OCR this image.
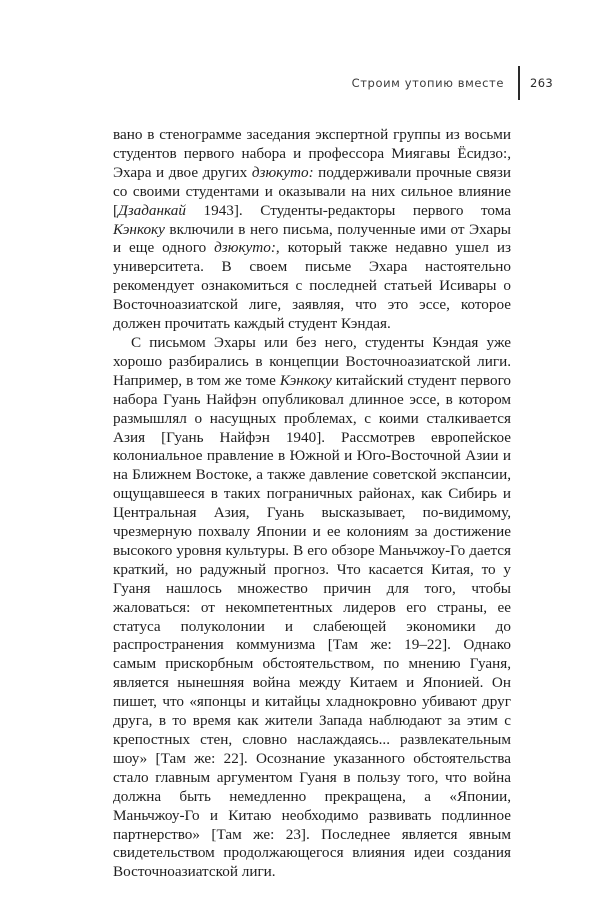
Строим утопию вместе 263

вано в стенограмме заседания экспертной группы из восьми студентов первого набора и профессора Миягавы Ёсидзо:, Эхара и двое других дзюкуто: поддерживали прочные связи со своими студентами и оказывали на них сильное влияние [Дзаданкай 1943]. Студенты-редакторы первого тома Кэнкоку включили в него письма, полученные ими от Эхары и еще одного дзюкуто:, который также недавно ушел из университета. В своем письме Эхара настоятельно рекомендует ознакомиться с последней статьей Исивары о Восточноазиатской лиге, заявляя, что это эссе, которое должен прочитать каждый студент Кэндая.

С письмом Эхары или без него, студенты Кэндая уже хорошо разбирались в концепции Восточноазиатской лиги. Например, в том же томе Кэнкоку китайский студент первого набора Гуань Найфэн опубликовал длинное эссе, в котором размышлял о насущных проблемах, с коими сталкивается Азия [Гуань Найфэн 1940]. Рассмотрев европейское колониальное правление в Южной и Юго-Восточной Азии и на Ближнем Востоке, а также давление советской экспансии, ощущавшееся в таких пограничных районах, как Сибирь и Центральная Азия, Гуань высказывает, по-видимому, чрезмерную похвалу Японии и ее колониям за достижение высокого уровня культуры. В его обзоре Маньчжоу-Го дается краткий, но радужный прогноз. Что касается Китая, то у Гуаня нашлось множество причин для того, чтобы жаловаться: от некомпетентных лидеров его страны, ее статуса полуколонии и слабеющей экономики до распространения коммунизма [Там же: 19–22]. Однако самым прискорбным обстоятельством, по мнению Гуаня, является нынешняя война между Китаем и Японией. Он пишет, что «японцы и китайцы хладнокровно убивают друг друга, в то время как жители Запада наблюдают за этим с крепостных стен, словно наслаждаясь... развлекательным шоу» [Там же: 22]. Осознание указанного обстоятельства стало главным аргументом Гуаня в пользу того, что война должна быть немедленно прекращена, а «Японии, Маньчжоу-Го и Китаю необходимо развивать подлинное партнерство» [Там же: 23]. Последнее является явным свидетельством продолжающегося влияния идеи создания Восточноазиатской лиги.
